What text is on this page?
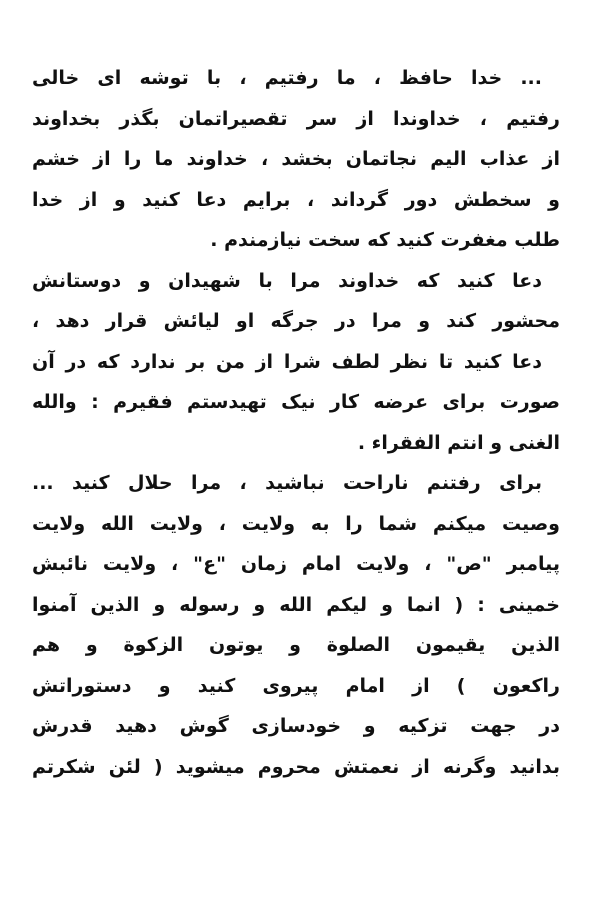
... خدا حافظ ، ما رفتیم ، با توشه ای خالی
رفتیم ، خداوندا از سر تقصیراتمان بگذر بخداوند
از عذاب الیم نجاتمان بخشد ، خداوند ما را از خشم
و سخطش دور گرداند ، برایم دعا کنید و از خدا
طلب مغفرت کنید که سخت نیازمندم .
دعا کنید که خداوند مرا با شهیدان و دوستانش
محشور کند و مرا در جرگه او لیائش قرار دهد ،
دعا کنید تا نظر لطف شرا از من بر ندارد که در آن
صورت برای عرضه کار نیک تهیدستم فقیرم : والله
الغنی و انتم الفقراء .
برای رفتنم ناراحت نباشید ، مرا حلال کنید ...
وصیت میکنم شما را به ولایت ، ولایت الله ولایت
پیامبر "ص" ، ولایت امام زمان "ع" ، ولایت نائبش
خمینی : ( انما و لیکم الله و رسوله و الذین آمنوا
الذین یقیمون الصلوة و یوتون الزکوة و هم
راکعون ) از امام پیروی کنید و دستوراتش
در جهت تزکیه و خودسازی گوش دهید قدرش
بدانید وگرنه از نعمتش محروم میشوید ( لئن شکرتم
